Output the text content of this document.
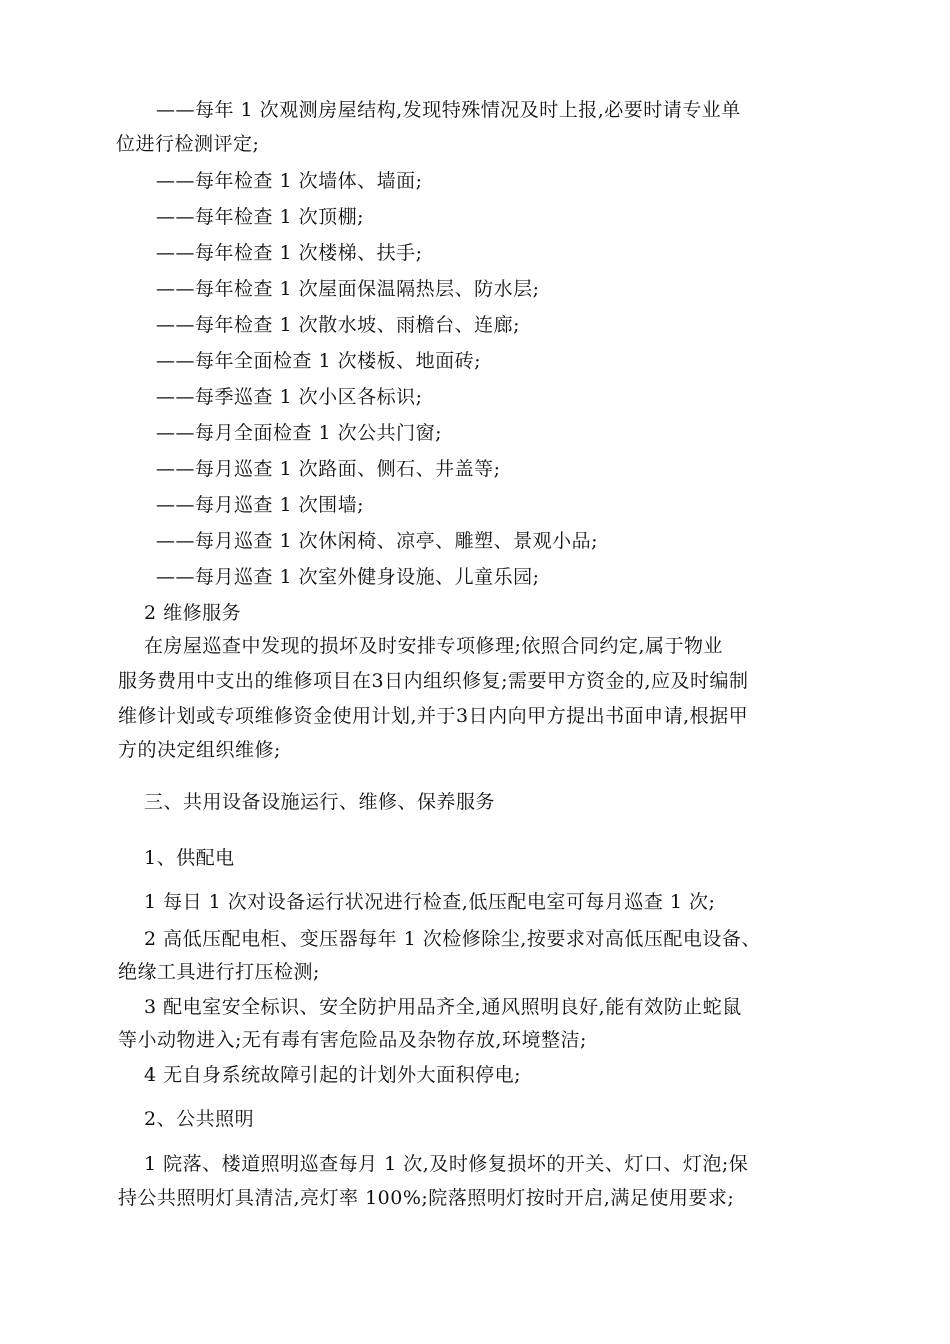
——每年 1 次观测房屋结构,发现特殊情况及时上报,必要时请专业单
位进行检测评定;
——每年检查 1 次墙体、墙面;
——每年检查 1 次顶棚;
——每年检查 1 次楼梯、扶手;
——每年检查 1 次屋面保温隔热层、防水层;
——每年检查 1 次散水坡、雨檐台、连廊;
——每年全面检查 1 次楼板、地面砖;
——每季巡查 1 次小区各标识;
——每月全面检查 1 次公共门窗;
——每月巡查 1 次路面、侧石、井盖等;
——每月巡查 1 次围墙;
——每月巡查 1 次休闲椅、凉亭、雕塑、景观小品;
——每月巡查 1 次室外健身设施、儿童乐园;
2 维修服务
在房屋巡查中发现的损坏及时安排专项修理;依照合同约定,属于物业
服务费用中支出的维修项目在3日内组织修复;需要甲方资金的,应及时编制
维修计划或专项维修资金使用计划,并于3日内向甲方提出书面申请,根据甲
方的决定组织维修;
三、共用设备设施运行、维修、保养服务
1、供配电
1 每日 1 次对设备运行状况进行检查,低压配电室可每月巡查 1 次;
2 高低压配电柜、变压器每年 1 次检修除尘,按要求对高低压配电设备、
绝缘工具进行打压检测;
3 配电室安全标识、安全防护用品齐全,通风照明良好,能有效防止蛇鼠
等小动物进入;无有毒有害危险品及杂物存放,环境整洁;
4 无自身系统故障引起的计划外大面积停电;
2、公共照明
1 院落、楼道照明巡查每月 1 次,及时修复损坏的开关、灯口、灯泡;保
持公共照明灯具清洁,亮灯率 100%;院落照明灯按时开启,满足使用要求;
